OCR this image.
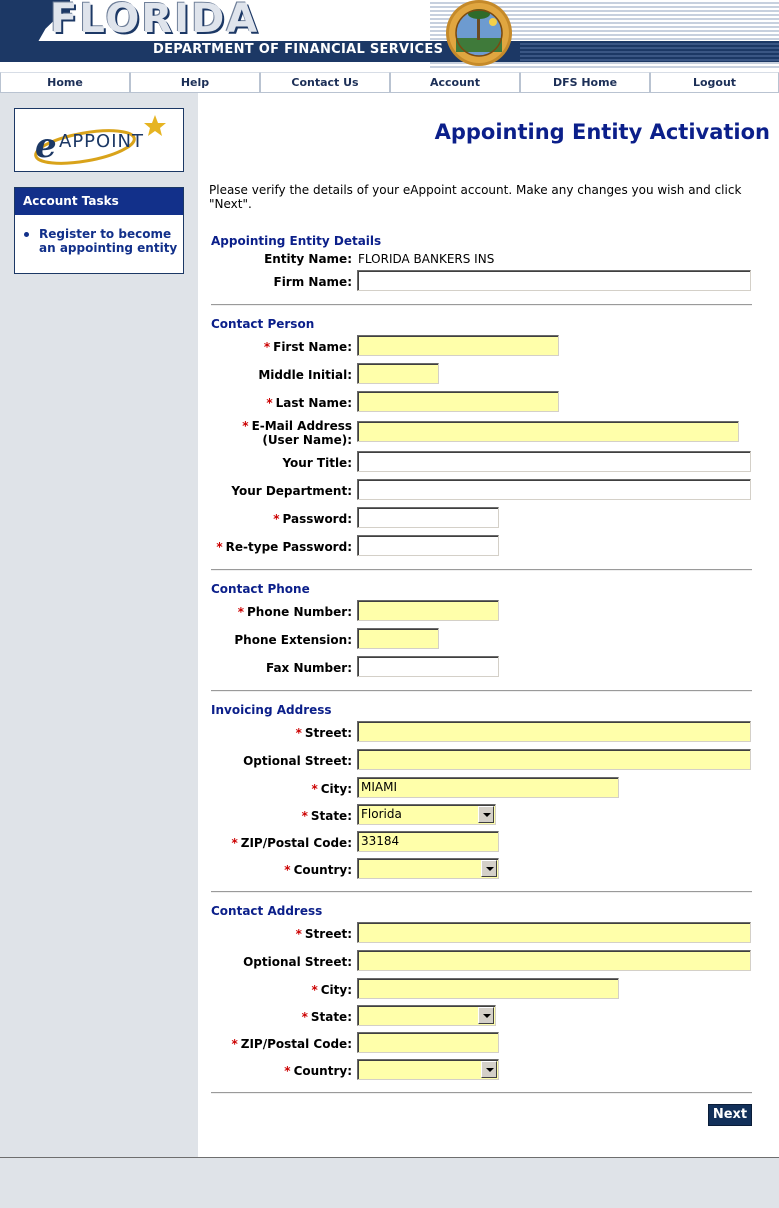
FLORIDA
DEPARTMENT OF FINANCIAL SERVICES
Home	Help	Contact Us	Account	DFS Home	Logout
e APPOINT
Account Tasks
Register to become an appointing entity
Appointing Entity Activation
Please verify the details of your eAppoint account. Make any changes you wish and click "Next".
Appointing Entity Details
Entity Name: FLORIDA BANKERS INS
Firm Name:
Contact Person
* First Name:
Middle Initial:
* Last Name:
* E-Mail Address
(User Name):
Your Title:
Your Department:
* Password:
* Re-type Password:
Contact Phone
* Phone Number:
Phone Extension:
Fax Number:
Invoicing Address
* Street:
Optional Street:
* City: MIAMI
* State: Florida
* ZIP/Postal Code: 33184
* Country:
Contact Address
* Street:
Optional Street:
* City:
* State:
* ZIP/Postal Code:
* Country:
Next
